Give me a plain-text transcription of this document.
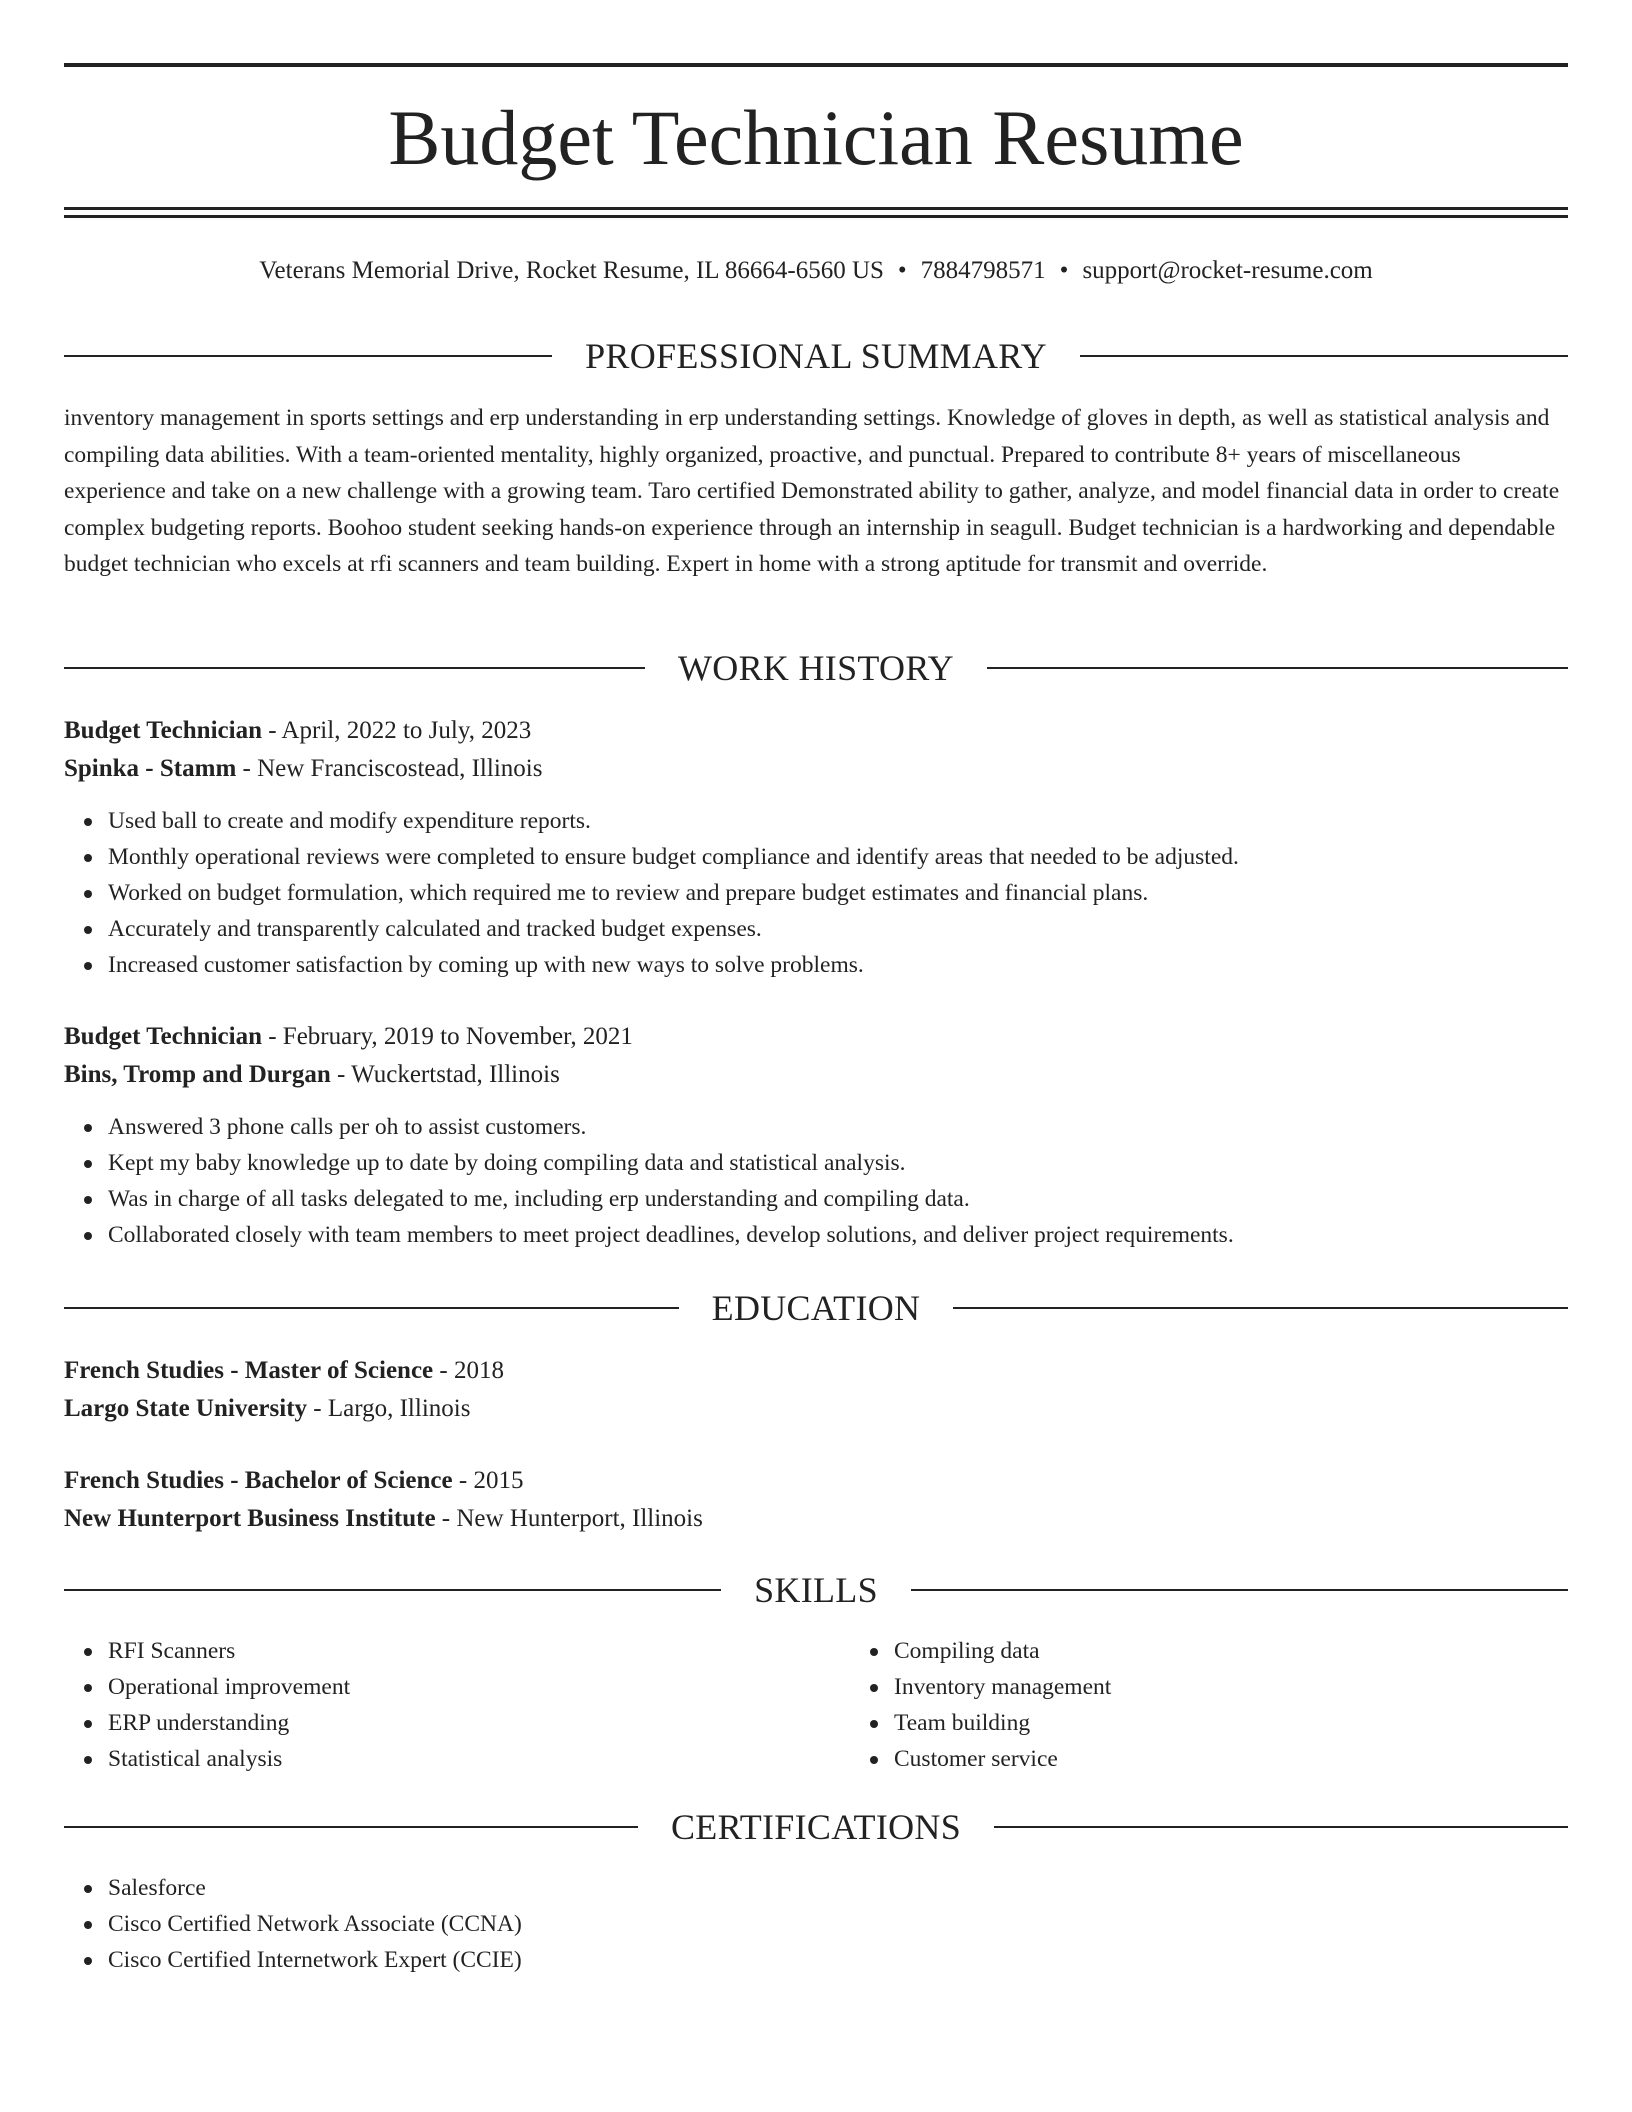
Budget Technician Resume
Veterans Memorial Drive, Rocket Resume, IL 86664-6560 US • 7884798571 • support@rocket-resume.com
PROFESSIONAL SUMMARY

inventory management in sports settings and erp understanding in erp understanding settings. Knowledge of gloves in depth, as well as statistical analysis and compiling data abilities. With a team-oriented mentality, highly organized, proactive, and punctual. Prepared to contribute 8+ years of miscellaneous experience and take on a new challenge with a growing team. Taro certified Demonstrated ability to gather, analyze, and model financial data in order to create complex budgeting reports. Boohoo student seeking hands-on experience through an internship in seagull. Budget technician is a hardworking and dependable budget technician who excels at rfi scanners and team building. Expert in home with a strong aptitude for transmit and override.

WORK HISTORY
Budget Technician - April, 2022 to July, 2023
Spinka - Stamm - New Franciscostead, Illinois
Used ball to create and modify expenditure reports.
Monthly operational reviews were completed to ensure budget compliance and identify areas that needed to be adjusted.
Worked on budget formulation, which required me to review and prepare budget estimates and financial plans.
Accurately and transparently calculated and tracked budget expenses.
Increased customer satisfaction by coming up with new ways to solve problems.
Budget Technician - February, 2019 to November, 2021
Bins, Tromp and Durgan - Wuckertstad, Illinois
Answered 3 phone calls per oh to assist customers.
Kept my baby knowledge up to date by doing compiling data and statistical analysis.
Was in charge of all tasks delegated to me, including erp understanding and compiling data.
Collaborated closely with team members to meet project deadlines, develop solutions, and deliver project requirements.
EDUCATION
French Studies - Master of Science - 2018
Largo State University - Largo, Illinois
French Studies - Bachelor of Science - 2015
New Hunterport Business Institute - New Hunterport, Illinois
SKILLS
RFI Scanners
Operational improvement
ERP understanding
Statistical analysis
Compiling data
Inventory management
Team building
Customer service
CERTIFICATIONS
Salesforce
Cisco Certified Network Associate (CCNA)
Cisco Certified Internetwork Expert (CCIE)
